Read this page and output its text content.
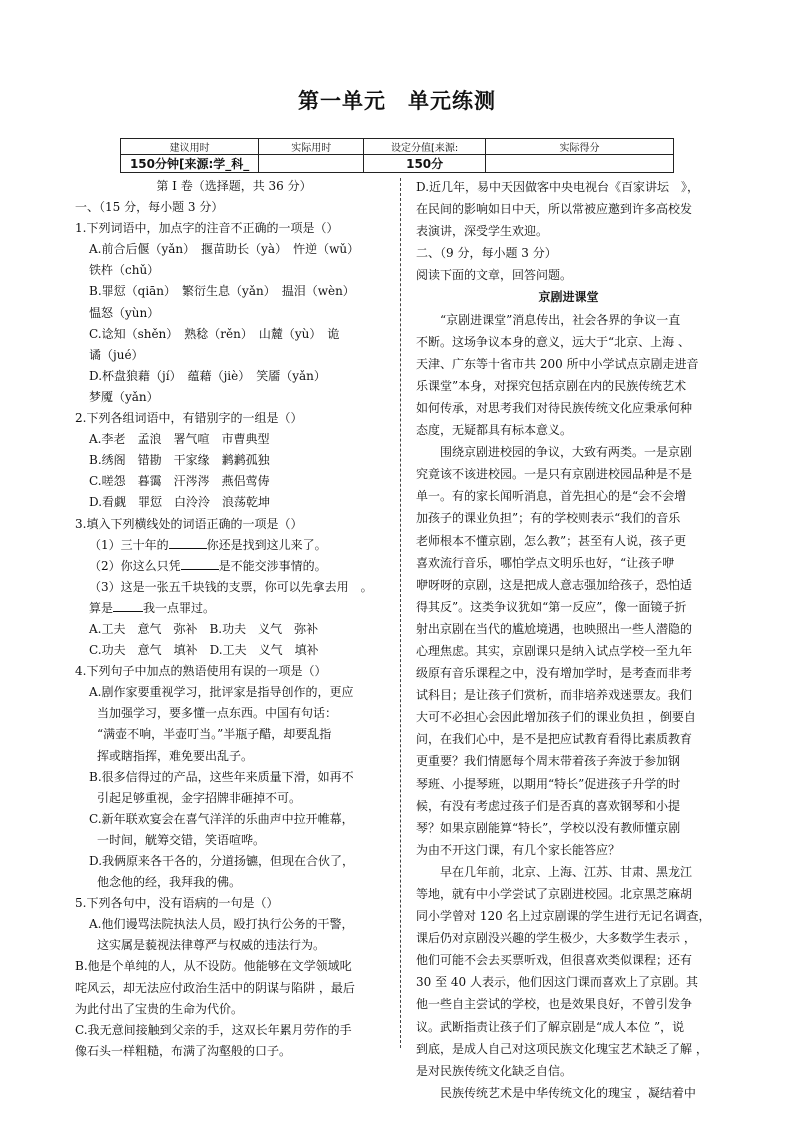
第一单元　单元练测
建议用时	实际用时	设定分值[来源:	实际得分
150分钟[来源:学_科_		150分	

第 I 卷（选择题，共 36 分）

一、（15 分，每小题 3 分）

1.下列词语中，加点字的注音不正确的一项是（）

A.前合后偃（yǎn）　揠苗助长（yà）　忤逆（wǔ）

铁杵（chǔ）

B.罪愆（qiān）　繁衍生息（yǎn）　揾泪（wèn）

愠怒（yùn）

C.谂知（shěn）　熟稔（rěn）　山麓（yù）　诡

谲（jué）

D.杯盘狼藉（jí）　蕴藉（jiè）　笑靥（yǎn）

梦魇（yǎn）

2.下列各组词语中，有错别字的一组是（）

A.李老　孟浪　署气喧　市曹典型

B.绣阁　错勘　干家缘　鹣鹣孤独

C.嗟怨　暮霭　汗涔涔　燕侣莺俦

D.看觑　罪愆　白泠泠　浪荡乾坤

3.填入下列横线处的词语正确的一项是（）

（1）三十年的	你还是找到这儿来了。

（2）你这么只凭	是不能交涉事情的。

（3）这是一张五千块钱的支票，你可以先拿去用　。

算是	我一点罪过。

A.工夫　意气　弥补　B.功夫　义气　弥补

C.功夫　意气　填补　D.工夫　义气　填补

4.下列句子中加点的熟语使用有误的一项是（）

A.剧作家要重视学习，批评家是指导创作的，更应

当加强学习，要多懂一点东西。中国有句话：

“满壶不响，半壶叮当。”半瓶子醋，却要乱指

挥或瞎指挥，难免要出乱子。

B.很多信得过的产品，这些年来质量下滑，如再不

引起足够重视，金字招牌非砸掉不可。

C.新年联欢宴会在喜气洋洋的乐曲声中拉开帷幕，

一时间，觥筹交错，笑语喧哗。

D.我俩原来各干各的，分道扬镳，但现在合伙了，

他念他的经，我拜我的佛。

5.下列各句中，没有语病的一句是（）

A.他们谩骂法院执法人员，殴打执行公务的干警，

这实属是藐视法律尊严与权威的违法行为。

B.他是个单纯的人，从不设防。他能够在文学领域叱

咤风云，却无法应付政治生活中的阴谋与陷阱 ，最后

为此付出了宝贵的生命为代价。

C.我无意间接触到父亲的手，这双长年累月劳作的手

像石头一样粗糙，布满了沟壑般的口子。

D.近几年，易中天因做客中央电视台《百家讲坛　》，

在民间的影响如日中天，所以常被应邀到许多高校发

表演讲，深受学生欢迎。

二、（9 分，每小题 3 分）

阅读下面的文章，回答问题。

京剧进课堂

“京剧进课堂”消息传出，社会各界的争议一直

不断。这场争议本身的意义，远大于“北京、上海 、

天津、广东等十省市共 200 所中小学试点京剧走进音

乐课堂”本身，对探究包括京剧在内的民族传统艺术

如何传承，对思考我们对待民族传统文化应秉承何种

态度，无疑都具有标本意义。

围绕京剧进校园的争议，大致有两类。一是京剧

究竟该不该进校园。一是只有京剧进校园品种是不是

单一。有的家长闻听消息，首先担心的是“会不会增

加孩子的课业负担”；有的学校则表示“我们的音乐

老师根本不懂京剧，怎么教”；甚至有人说，孩子更

喜欢流行音乐，哪怕学点文明乐也好，“让孩子咿

咿呀呀的京剧，这是把成人意志强加给孩子，恐怕适

得其反”。这类争议犹如“第一反应”，像一面镜子折

射出京剧在当代的尴尬境遇，也映照出一些人潜隐的

心理焦虑。其实，京剧课只是纳入试点学校一至九年

级原有音乐课程之中，没有增加学时，是考查而非考

试科目；是让孩子们赏析，而非培养戏迷票友。我们

大可不必担心会因此增加孩子们的课业负担 ，倒要自

问，在我们心中，是不是把应试教育看得比素质教育

更重要？我们情愿每个周末带着孩子奔波于参加钢

琴班、小提琴班，以期用“特长”促进孩子升学的时

候，有没有考虑过孩子们是否真的喜欢钢琴和小提

琴？如果京剧能算“特长”，学校以没有教师懂京剧

为由不开这门课，有几个家长能答应？

早在几年前，北京、上海、江苏、甘肃、黑龙江

等地，就有中小学尝试了京剧进校园。北京黑芝麻胡

同小学曾对 120 名上过京剧课的学生进行无记名调查，

课后仍对京剧没兴趣的学生极少，大多数学生表示 ，

他们可能不会去买票听戏，但很喜欢类似课程；还有

30 至 40 人表示，他们因这门课而喜欢上了京剧。其

他一些自主尝试的学校，也是效果良好，不曾引发争

议。武断指责让孩子们了解京剧是“成人本位 ”，说

到底，是成人自己对这项民族文化瑰宝艺术缺乏了解 ，

是对民族传统文化缺乏自信。

民族传统艺术是中华传统文化的瑰宝 ，凝结着中
